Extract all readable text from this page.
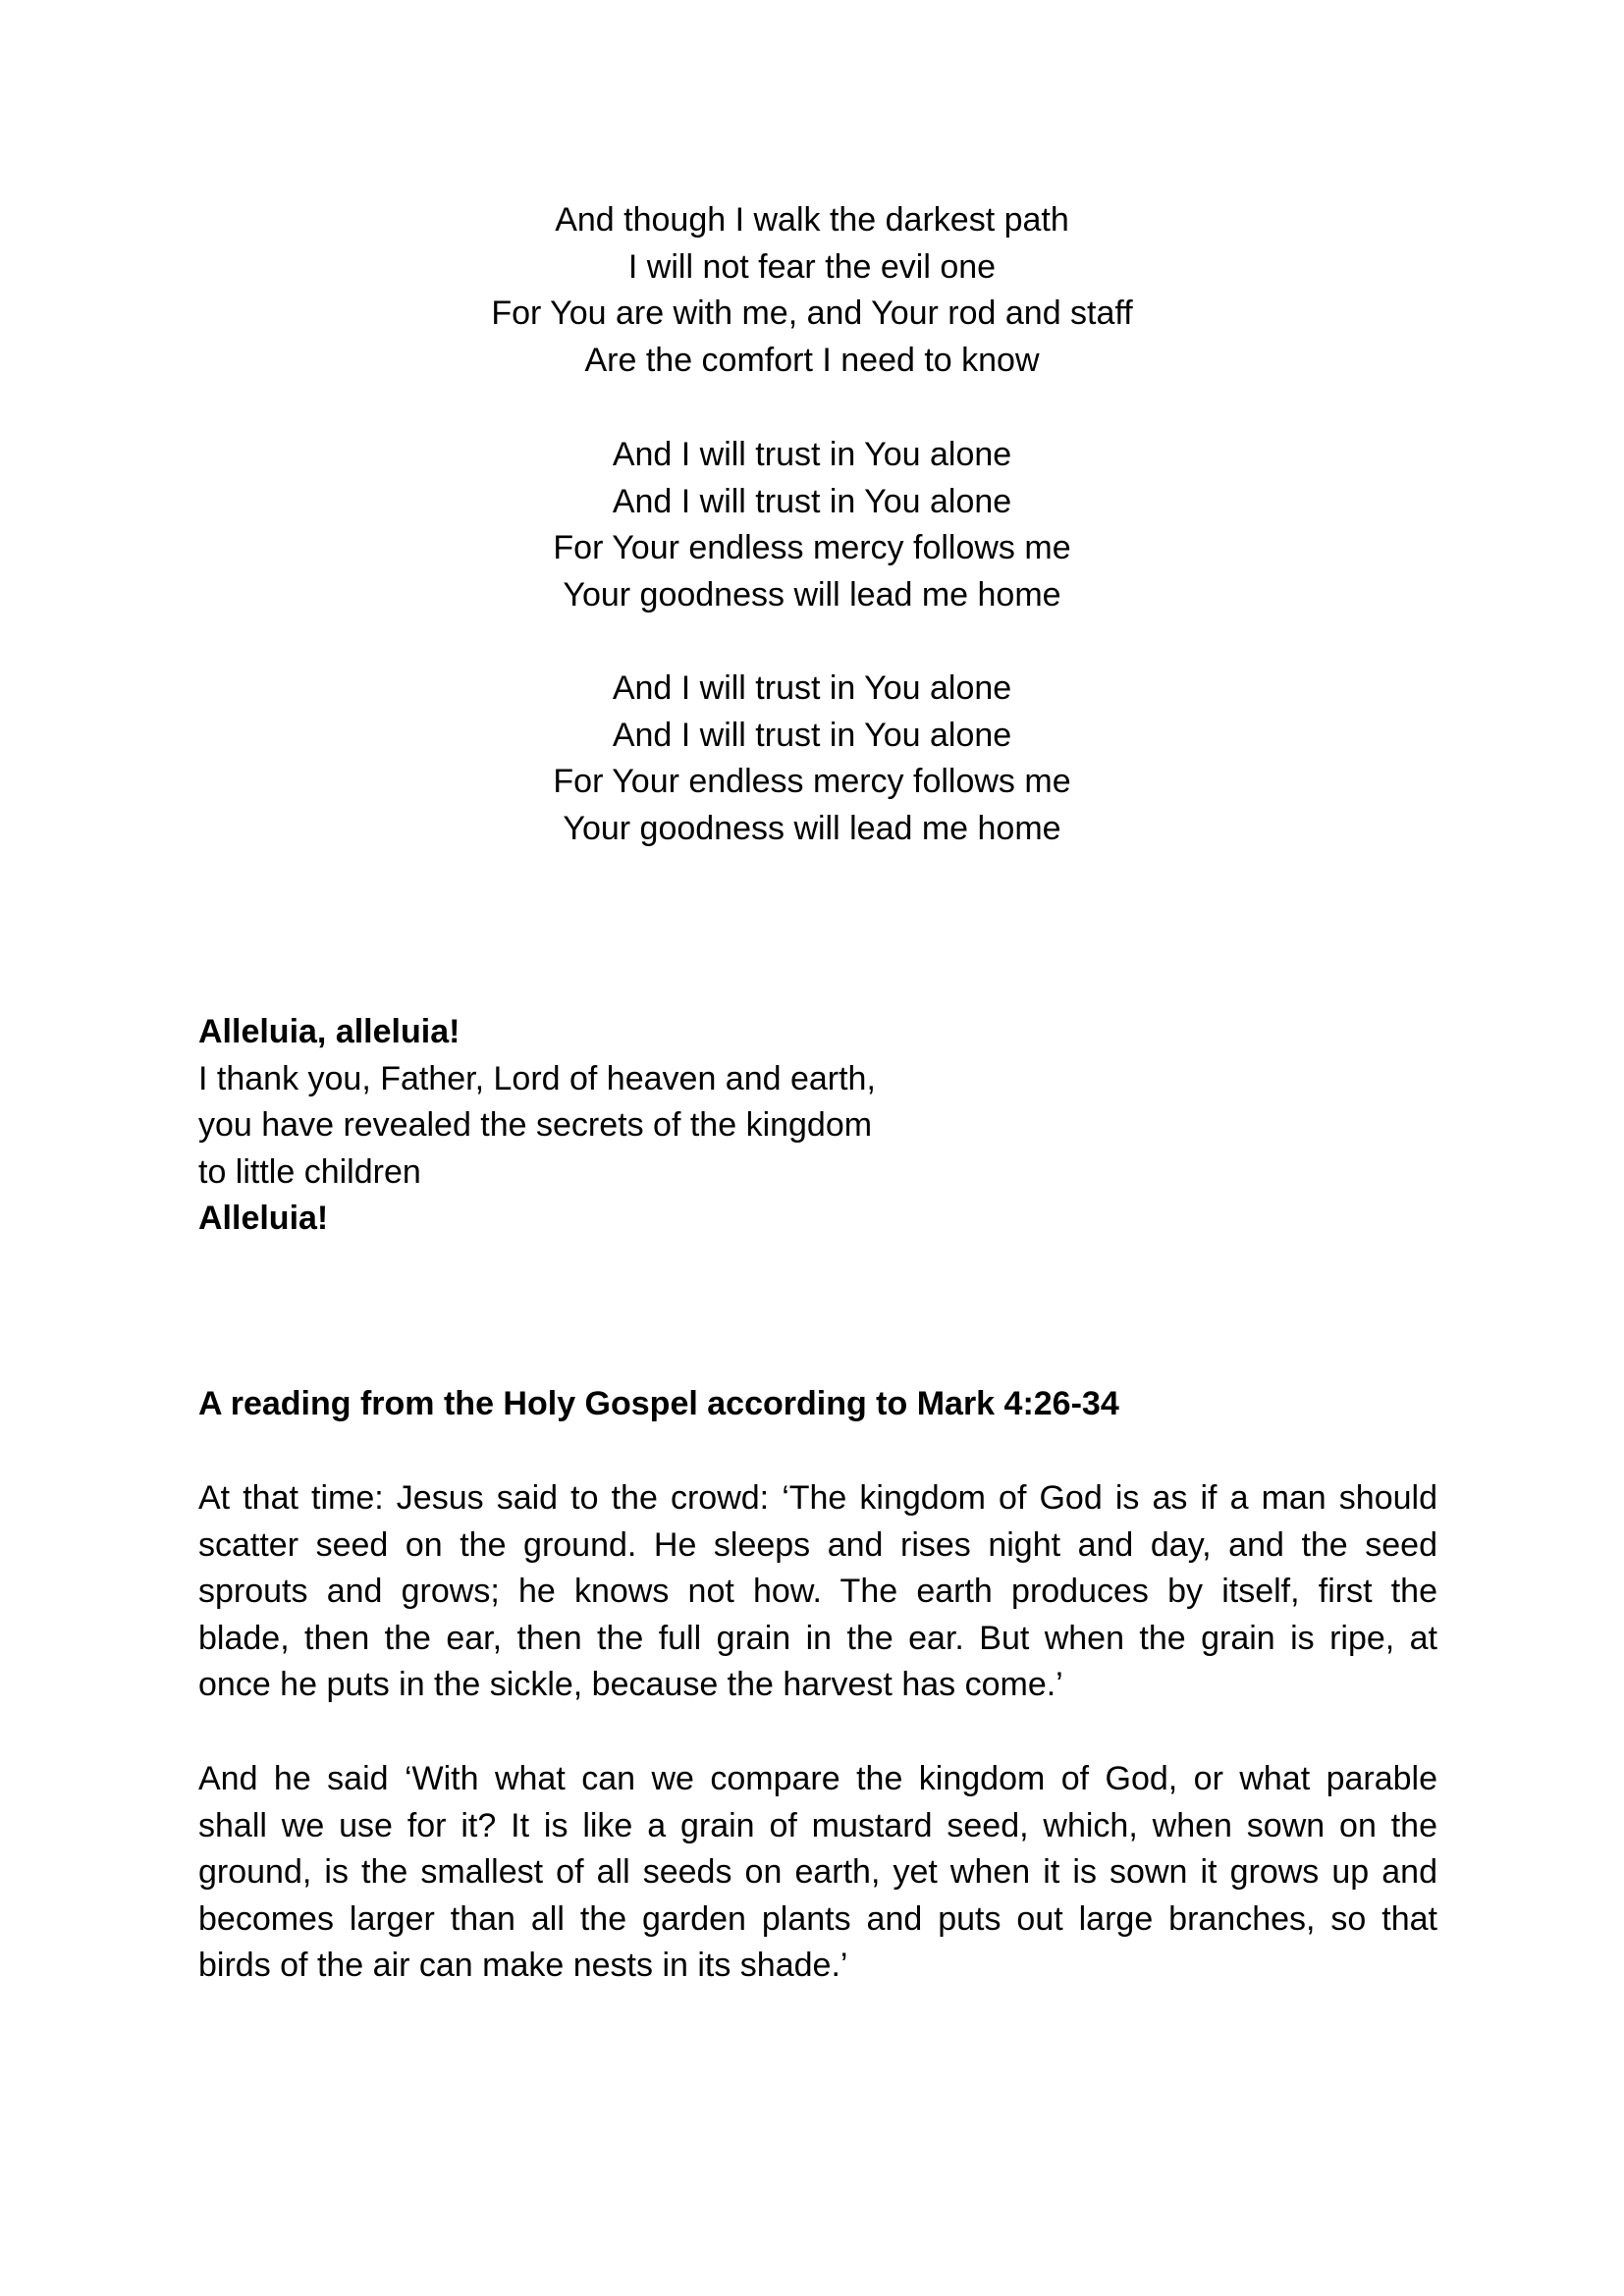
And though I walk the darkest path
I will not fear the evil one
For You are with me, and Your rod and staff
Are the comfort I need to know
And I will trust in You alone
And I will trust in You alone
For Your endless mercy follows me
Your goodness will lead me home
And I will trust in You alone
And I will trust in You alone
For Your endless mercy follows me
Your goodness will lead me home
Alleluia, alleluia!
I thank you, Father, Lord of heaven and earth,
you have revealed the secrets of the kingdom
to little children
Alleluia!
A reading from the Holy Gospel according to Mark 4:26-34
At that time: Jesus said to the crowd: ‘The kingdom of God is as if a man should
scatter seed on the ground. He sleeps and rises night and day, and the seed
sprouts and grows; he knows not how. The earth produces by itself, first the
blade, then the ear, then the full grain in the ear. But when the grain is ripe, at
once he puts in the sickle, because the harvest has come.’
And he said ‘With what can we compare the kingdom of God, or what parable
shall we use for it? It is like a grain of mustard seed, which, when sown on the
ground, is the smallest of all seeds on earth, yet when it is sown it grows up and
becomes larger than all the garden plants and puts out large branches, so that
birds of the air can make nests in its shade.’
